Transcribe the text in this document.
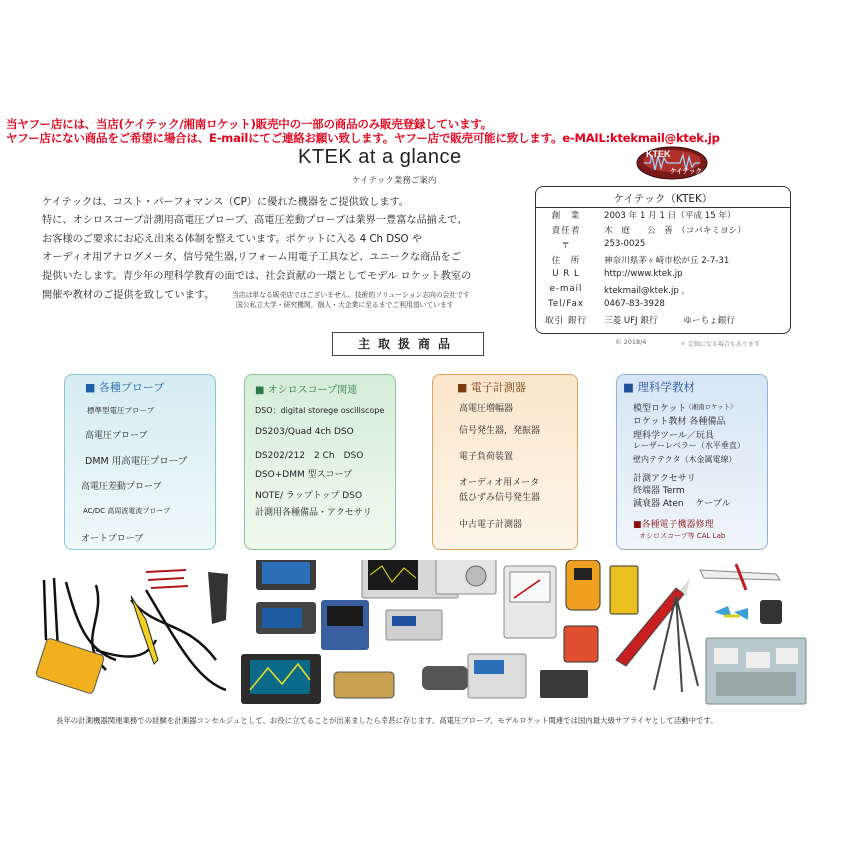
当ヤフー店には、当店(ケイテック/湘南ロケット)販売中の一部の商品のみ販売登録しています。
ヤフー店にない商品をご希望に場合は、E-mailにてご連絡お願い致します。ヤフー店で販売可能に致します。e-MAIL:ktekmail@ktek.jp
KTEK at a glance
ケイテック業務ご案内
KTEK
ケイテック
ケイテックは、コスト・パーフォマンス（CP）に優れた機器をご提供致します。
特に、オシロスコープ計測用高電圧プローブ、高電圧差動プローブは業界一豊富な品揃えで、
お客様のご要求にお応え出来る体制を整えています。ポケットに入る 4 Ch DSO や
オーディオ用アナログメータ、信号発生器,リフォーム用電子工具など、ユニークな商品をご
提供いたします。青少年の理科学教育の面では、社会貢献の一環としてモデル ロケット教室の
開催や教材のご提供を致しています。	当店は単なる販売店ではございません。技術的ソリューション志向の会社です
国公私立大学・研究機関，個人・大企業に至るまでご利用頂いています
ケイテック（KTEK）
創　業	2003 年 1 月 1 日（平成 15 年）
責任者	木　庭　　公　善　（コバキミヨシ）
〒	253-0025
住　所	神奈川県茅ヶ崎市松が丘 2-7-31
U R L	http://www.ktek.jp
e-mail	ktekmail@ktek.jp ，
Tel/Fax	0467-83-3928
取引 銀行	三菱 UFJ 銀行　　　ゆーちょ銀行
© 2018/4	＊ 定価になる場合もあります
主取扱商品
■ 各種プローブ
標準型電圧プローブ
高電圧プローブ
DMM 用高電圧プローブ
高電圧差動プローブ
AC/DC 高周波電流プローブ
オートプローブ
■ オシロスコープ関連
DSO：digital storege oscillscope
DS203/Quad 4ch DSO
DS202/212　2 Ch　DSO
DSO+DMM 型スコープ
NOTE/ ラップトップ DSO
計測用各種備品・アクセサリ
■ 電子計測器
高電圧増幅器
信号発生器，発振器
電子負荷装置
オーディオ用メータ
低ひずみ信号発生器
中古電子計測器
■ 理科学教材
模型ロケット
（湘南ロケット）
ロケット教材 各種備品
理科学ツール／玩具
レーザーレベラー（水平垂直）
壁内テテクタ（木金属電線）
計測アクセサリ
終端器 Term
減衰器 Aten　 ケーブル
■各種電子機器修理
オシロスコープ等 CAL Lab
長年の計測機器関連業務での経験を計測器コンセルジュとして、お役に立てることが出来ましたら幸甚に存じます。高電圧プローブ、モデルロケット関連では国内最大級サプライヤとして活動中です。
